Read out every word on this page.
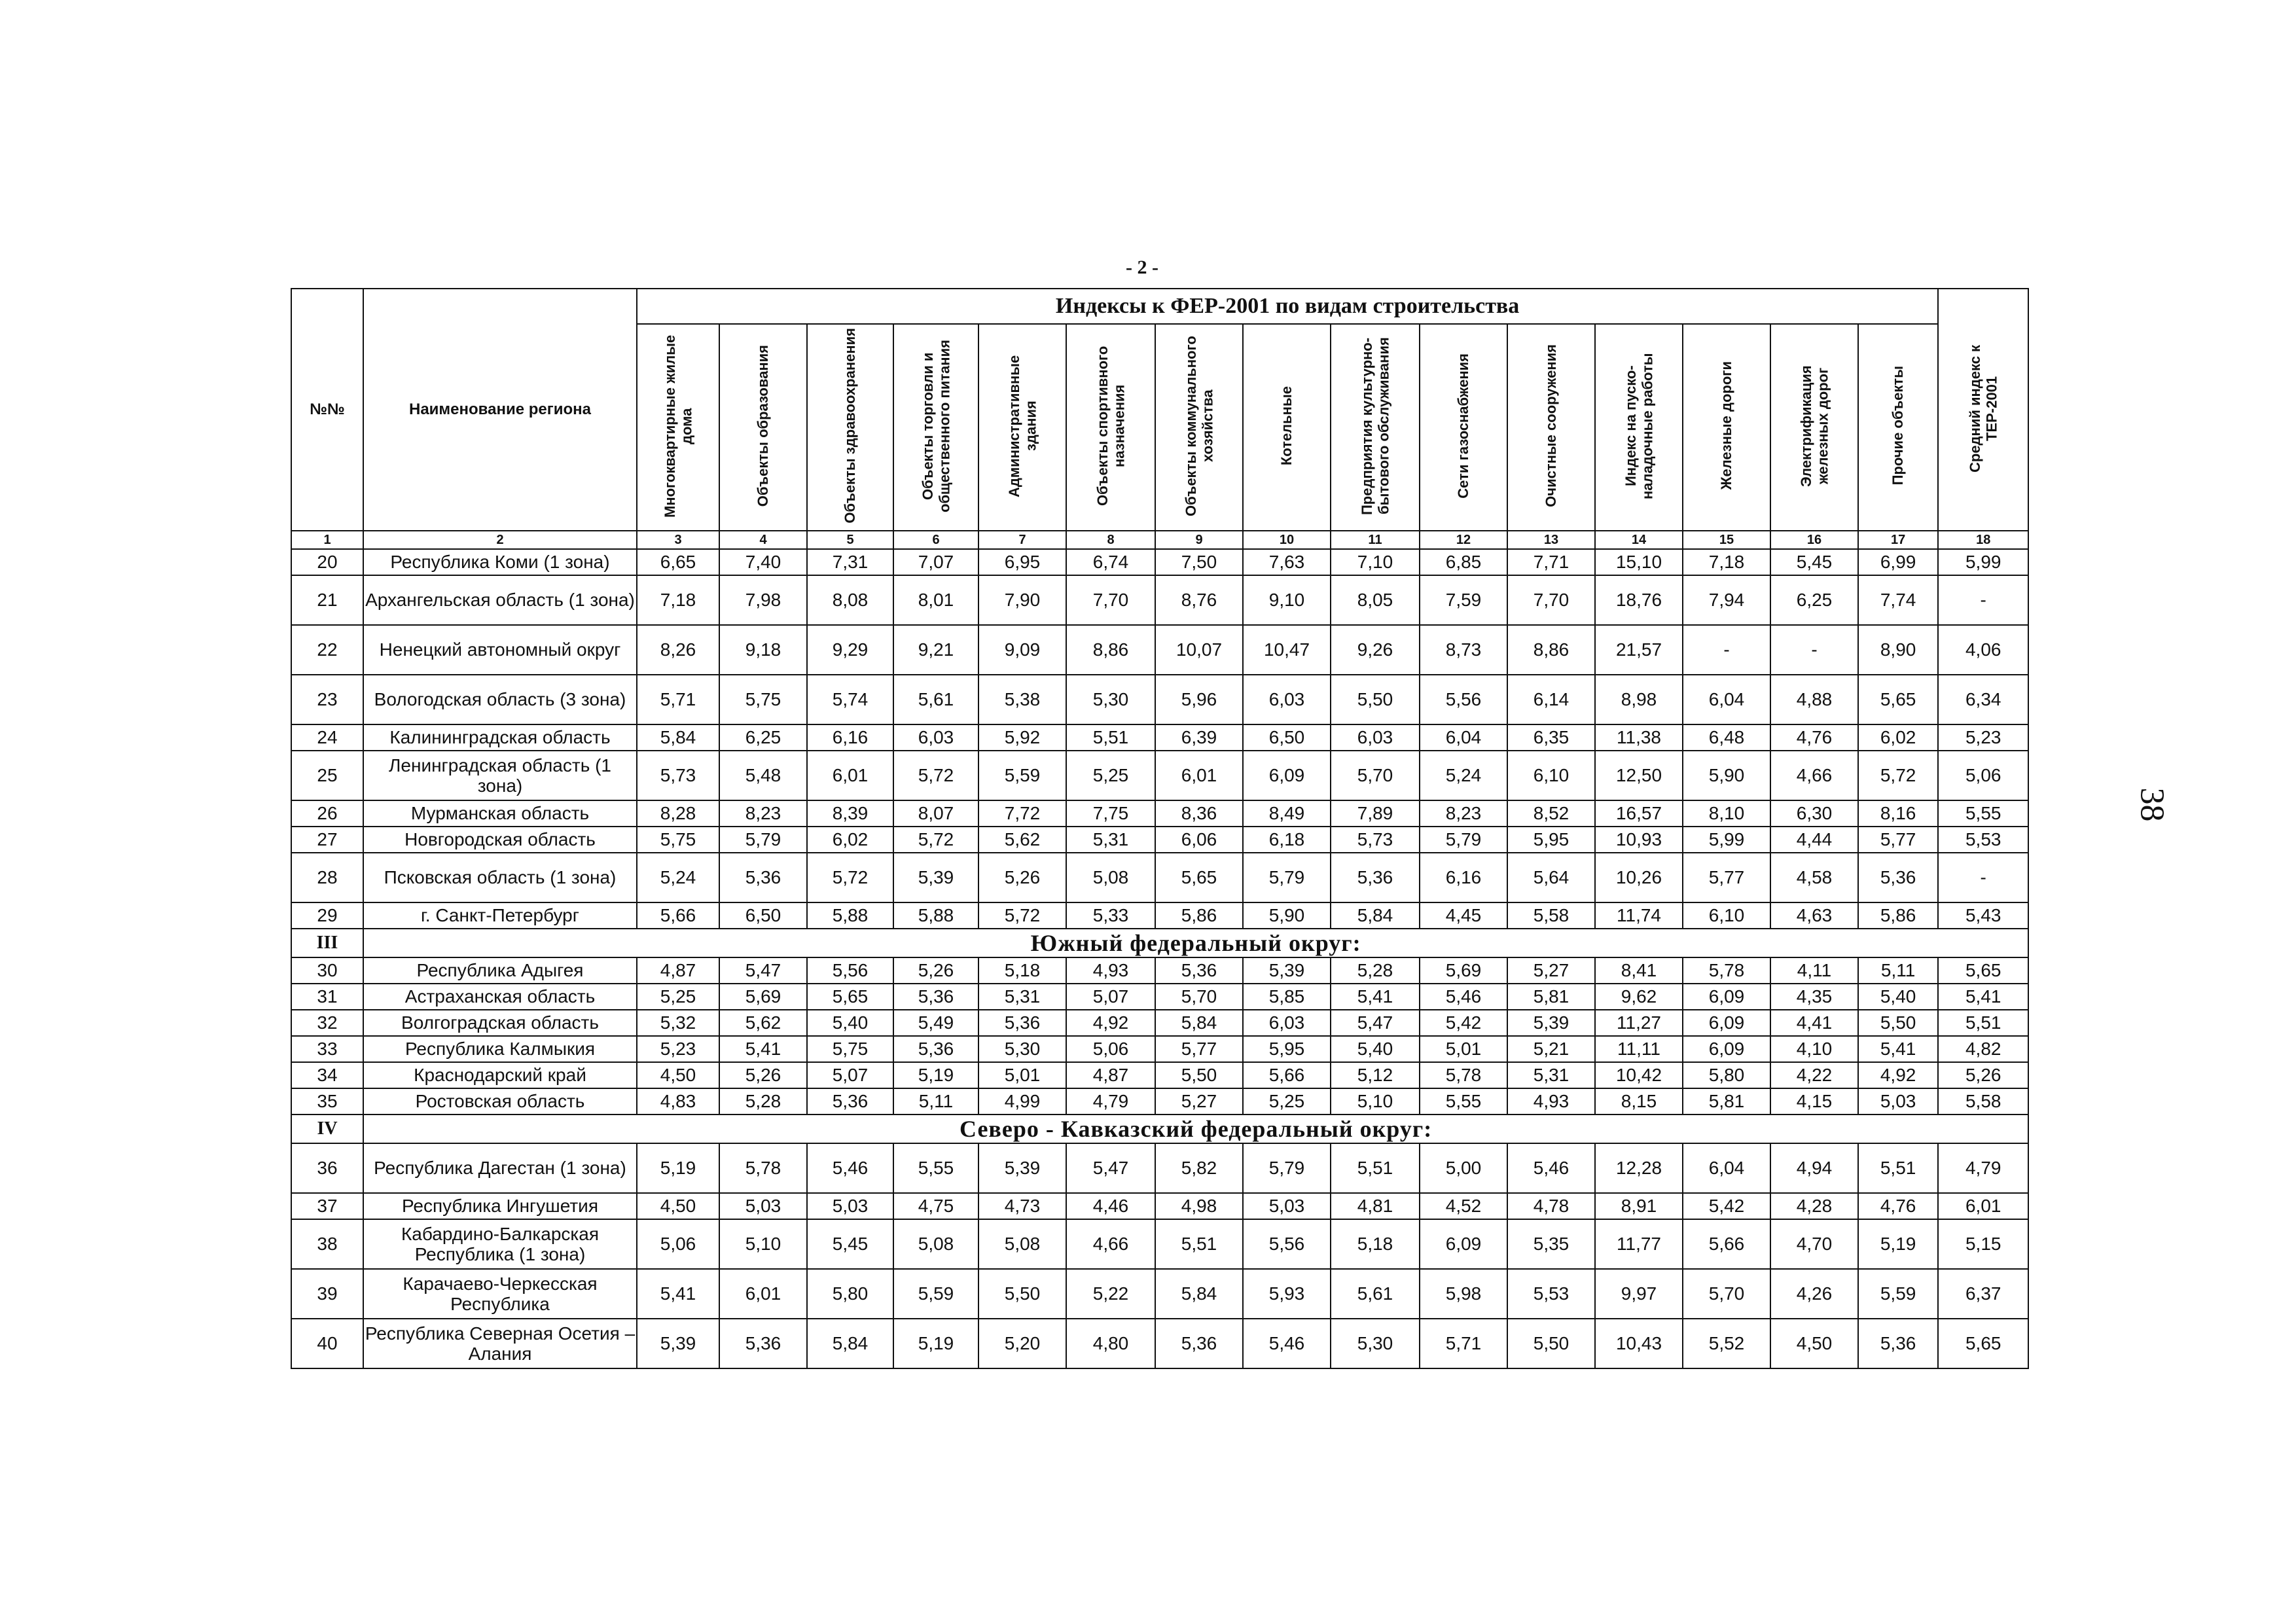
- 2 -
38
№№	Наименование региона	Индексы к ФЕР-2001 по видам строительства															Средний индекс к ТЕР-2001
		Многоквартирные жилые дома	Объекты образования	Объекты здравоохранения	Объекты торговли и общественного питания	Административные здания	Объекты спортивного назначения	Объекты коммунального хозяйства	Котельные	Предприятия культурно-бытового обслуживания	Сети газоснабжения	Очистные сооружения	Индекс на пуско-наладочные работы	Железные дороги	Электрификация железных дорог	Прочие объекты	
1	2	3	4	5	6	7	8	9	10	11	12	13	14	15	16	17	18
20	Республика Коми (1 зона)	6,65	7,40	7,31	7,07	6,95	6,74	7,50	7,63	7,10	6,85	7,71	15,10	7,18	5,45	6,99	5,99
21	Архангельская область (1 зона)	7,18	7,98	8,08	8,01	7,90	7,70	8,76	9,10	8,05	7,59	7,70	18,76	7,94	6,25	7,74	-
22	Ненецкий автономный округ	8,26	9,18	9,29	9,21	9,09	8,86	10,07	10,47	9,26	8,73	8,86	21,57	-	-	8,90	4,06
23	Вологодская область (3 зона)	5,71	5,75	5,74	5,61	5,38	5,30	5,96	6,03	5,50	5,56	6,14	8,98	6,04	4,88	5,65	6,34
24	Калининградская область	5,84	6,25	6,16	6,03	5,92	5,51	6,39	6,50	6,03	6,04	6,35	11,38	6,48	4,76	6,02	5,23
25	Ленинградская область (1 зона)	5,73	5,48	6,01	5,72	5,59	5,25	6,01	6,09	5,70	5,24	6,10	12,50	5,90	4,66	5,72	5,06
26	Мурманская область	8,28	8,23	8,39	8,07	7,72	7,75	8,36	8,49	7,89	8,23	8,52	16,57	8,10	6,30	8,16	5,55
27	Новгородская область	5,75	5,79	6,02	5,72	5,62	5,31	6,06	6,18	5,73	5,79	5,95	10,93	5,99	4,44	5,77	5,53
28	Псковская область (1 зона)	5,24	5,36	5,72	5,39	5,26	5,08	5,65	5,79	5,36	6,16	5,64	10,26	5,77	4,58	5,36	-
29	г. Санкт-Петербург	5,66	6,50	5,88	5,88	5,72	5,33	5,86	5,90	5,84	4,45	5,58	11,74	6,10	4,63	5,86	5,43
III	Южный федеральный округ:																
30	Республика Адыгея	4,87	5,47	5,56	5,26	5,18	4,93	5,36	5,39	5,28	5,69	5,27	8,41	5,78	4,11	5,11	5,65
31	Астраханская область	5,25	5,69	5,65	5,36	5,31	5,07	5,70	5,85	5,41	5,46	5,81	9,62	6,09	4,35	5,40	5,41
32	Волгоградская область	5,32	5,62	5,40	5,49	5,36	4,92	5,84	6,03	5,47	5,42	5,39	11,27	6,09	4,41	5,50	5,51
33	Республика Калмыкия	5,23	5,41	5,75	5,36	5,30	5,06	5,77	5,95	5,40	5,01	5,21	11,11	6,09	4,10	5,41	4,82
34	Краснодарский край	4,50	5,26	5,07	5,19	5,01	4,87	5,50	5,66	5,12	5,78	5,31	10,42	5,80	4,22	4,92	5,26
35	Ростовская область	4,83	5,28	5,36	5,11	4,99	4,79	5,27	5,25	5,10	5,55	4,93	8,15	5,81	4,15	5,03	5,58
IV	Северо - Кавказский федеральный округ:																
36	Республика Дагестан (1 зона)	5,19	5,78	5,46	5,55	5,39	5,47	5,82	5,79	5,51	5,00	5,46	12,28	6,04	4,94	5,51	4,79
37	Республика Ингушетия	4,50	5,03	5,03	4,75	4,73	4,46	4,98	5,03	4,81	4,52	4,78	8,91	5,42	4,28	4,76	6,01
38	Кабардино-Балкарская Республика (1 зона)	5,06	5,10	5,45	5,08	5,08	4,66	5,51	5,56	5,18	6,09	5,35	11,77	5,66	4,70	5,19	5,15
39	Карачаево-Черкесская Республика	5,41	6,01	5,80	5,59	5,50	5,22	5,84	5,93	5,61	5,98	5,53	9,97	5,70	4,26	5,59	6,37
40	Республика Северная Осетия – Алания	5,39	5,36	5,84	5,19	5,20	4,80	5,36	5,46	5,30	5,71	5,50	10,43	5,52	4,50	5,36	5,65
